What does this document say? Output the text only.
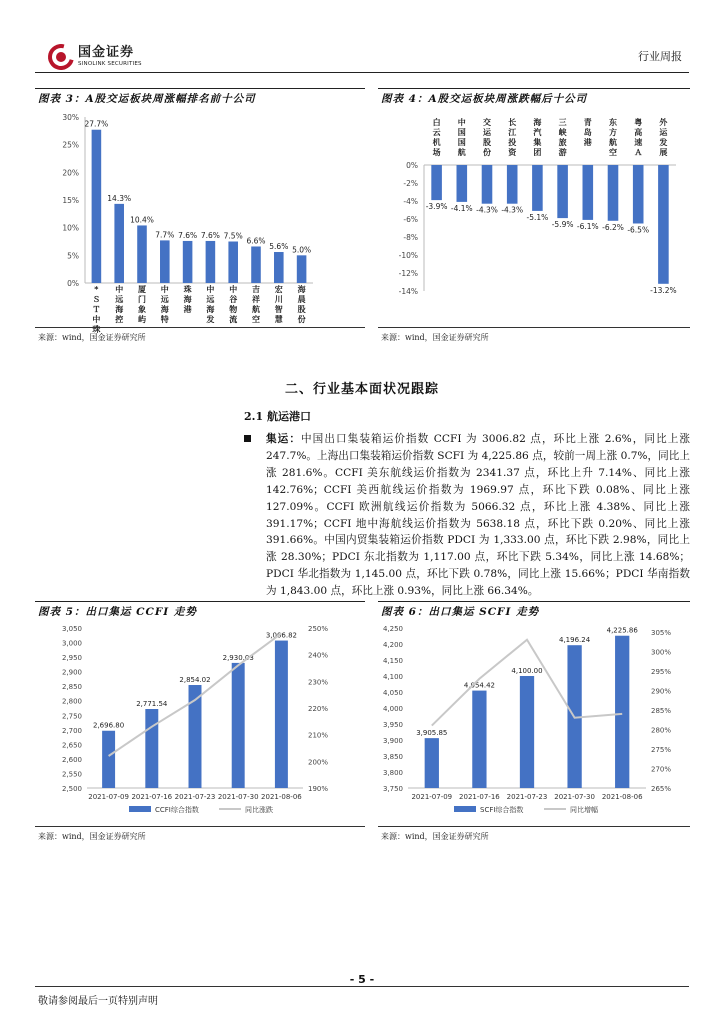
国金证券
SINOLINK SECURITIES
行业周报
图表 3：A股交运板块周涨幅排名前十公司
0%
5%
10%
15%
20%
25%
30%
27.7%
*ＳＴ中珠
14.3%
中远海控
10.4%
厦门象屿
7.7%
中远海特
7.6%
珠海港
7.6%
中远海发
7.5%
中谷物流
6.6%
吉祥航空
5.6%
宏川智慧
5.0%
海晨股份
来源：wind，国金证券研究所
图表 4：A股交运板块周涨跌幅后十公司
0%
-2%
-4%
-6%
-8%
-10%
-12%
-14%
-3.9%
白云机场
-4.1%
中国国航
-4.3%
交运股份
-4.3%
长江投资
-5.1%
海汽集团
-5.9%
三峡旅游
-6.1%
青岛港
-6.2%
东方航空
-6.5%
粤高速Ａ
-13.2%
外运发展
来源：wind，国金证券研究所
二、行业基本面状况跟踪
2.1 航运港口
集运：中国出口集装箱运价指数 CCFI 为 3006.82 点，环比上涨 2.6%，同比上涨 247.7%。上海出口集装箱运价指数 SCFI 为 4,225.86 点，较前一周上涨 0.7%，同比上涨 281.6%。CCFI 美东航线运价指数为 2341.37 点，环比上升 7.14%、同比上涨 142.76%；CCFI 美西航线运价指数为 1969.97 点，环比下跌 0.08%、同比上涨 127.09%。CCFI 欧洲航线运价指数为 5066.32 点，环比上涨 4.38%、同比上涨 391.17%；CCFI 地中海航线运价指数为 5638.18 点，环比下跌 0.20%、同比上涨 391.66%。中国内贸集装箱运价指数 PDCI 为 1,333.00 点，环比下跌 2.98%，同比上涨 28.30%；PDCI 东北指数为 1,117.00 点，环比下跌 5.34%，同比上涨 14.68%；PDCI 华北指数为 1,145.00 点，环比下跌 0.78%，同比上涨 15.66%；PDCI 华南指数为 1,843.00 点，环比上涨 0.93%，同比上涨 66.34%。
图表 5：出口集运 CCFI 走势
2,500
2,550
2,600
2,650
2,700
2,750
2,800
2,850
2,900
2,950
3,000
3,050
190%
200%
210%
220%
230%
240%
250%
2,696.80
2021-07-09
2,771.54
2021-07-16
2,854.02
2021-07-23
2,930.03
2021-07-30
3,006.82
2021-08-06
CCFI综合指数	同比涨跌
来源：wind，国金证券研究所
图表 6：出口集运 SCFI 走势
3,750
3,800
3,850
3,900
3,950
4,000
4,050
4,100
4,150
4,200
4,250
265%
270%
275%
280%
285%
290%
295%
300%
305%
3,905.85
2021-07-09
4,054.42
2021-07-16
4,100.00
2021-07-23
4,196.24
2021-07-30
4,225.86
2021-08-06
SCFI综合指数	同比增幅
来源：wind，国金证券研究所
- 5 -
敬请参阅最后一页特别声明
